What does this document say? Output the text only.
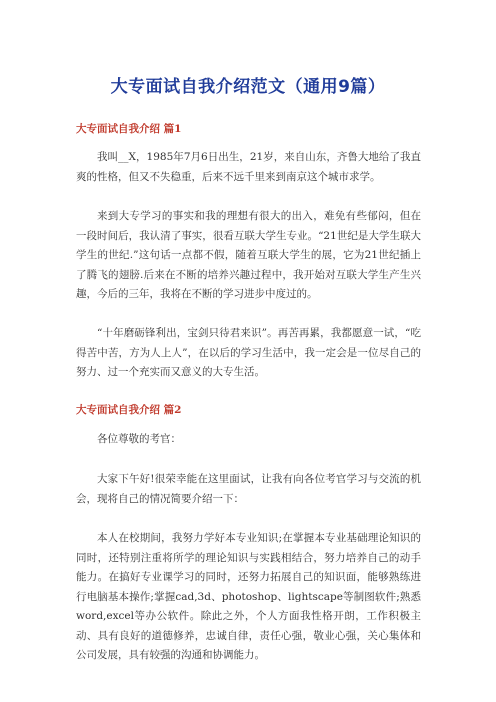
大专面试自我介绍范文（通用9篇）
大专面试自我介绍 篇1
我叫__X，1985年7月6日出生，21岁，来自山东，齐鲁大地给了我直爽的性格，但又不失稳重，后来不远千里来到南京这个城市求学。
来到大专学习的事实和我的理想有很大的出入，难免有些郁闷，但在一段时间后，我认清了事实，很看互联大学生专业。“21世纪是大学生联大学生的世纪.”这句话一点都不假，随着互联大学生的展，它为21世纪插上了腾飞的翅膀.后来在不断的培养兴趣过程中，我开始对互联大学生产生兴趣，今后的三年，我将在不断的学习进步中度过的。
“十年磨砺锋利出，宝剑只待君来识”。再苦再累，我都愿意一试，“吃得苦中苦，方为人上人”，在以后的学习生活中，我一定会是一位尽自己的努力、过一个充实而又意义的大专生活。
大专面试自我介绍 篇2
各位尊敬的考官：
大家下午好!很荣幸能在这里面试，让我有向各位考官学习与交流的机会，现将自己的情况简要介绍一下：
本人在校期间，我努力学好本专业知识;在掌握本专业基础理论知识的同时，还特别注重将所学的理论知识与实践相结合，努力培养自己的动手能力。在搞好专业课学习的同时，还努力拓展自己的知识面，能够熟练进行电脑基本操作;掌握cad,3d、photoshop、lightscape等制图软件;熟悉word,excel等办公软件。除此之外，个人方面我性格开朗，工作积极主动、具有良好的道德修养，忠诚自律，责任心强，敬业心强，关心集体和公司发展，具有较强的沟通和协调能力。
